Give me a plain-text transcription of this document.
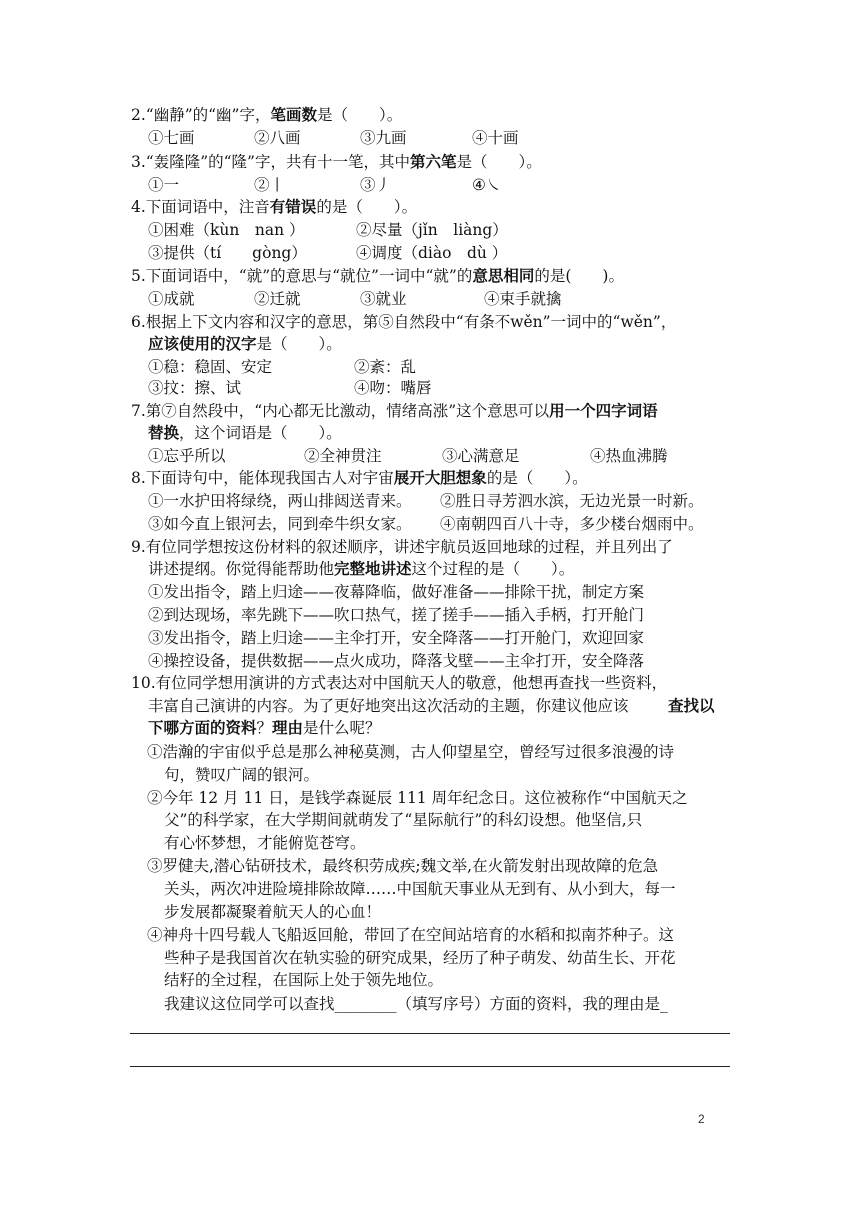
2.“幽静”的“幽”字，笔画数是（　　）。
①七画	②八画	③九画	④十画
3.“轰隆隆”的“隆”字，共有十一笔，其中第六笔是（　　）。
①一	②丨	③丿	④㇏
4.下面词语中，注音有错误的是（　　）。
①困难（kùn　nan ）	②尽量（jǐn　liàng）
③提供（tí　　gòng）	④调度（diào　dù ）
5.下面词语中，“就”的意思与“就位”一词中“就”的意思相同的是(　　)。
①成就	②迁就	③就业	④束手就擒
6.根据上下文内容和汉字的意思，第⑤自然段中“有条不wěn”一词中的“wěn”，
应该使用的汉字是（　　）。
①稳：稳固、安定	②紊：乱
③抆：擦、试	④吻：嘴唇
7.第⑦自然段中，“内心都无比激动，情绪高涨”这个意思可以用一个四字词语
替换，这个词语是（　　）。
①忘乎所以	②全神贯注	③心满意足	④热血沸腾
8.下面诗句中，能体现我国古人对宇宙展开大胆想象的是（　　）。
①一水护田将绿绕，两山排闼送青来。 ②胜日寻芳泗水滨，无边光景一时新。
③如今直上银河去，同到牵牛织女家。 ④南朝四百八十寺，多少楼台烟雨中。
9.有位同学想按这份材料的叙述顺序，讲述宇航员返回地球的过程，并且列出了
讲述提纲。你觉得能帮助他完整地讲述这个过程的是（　　）。
①发出指令，踏上归途——夜幕降临，做好准备——排除干扰，制定方案
②到达现场，率先跳下——吹口热气，搓了搓手——插入手柄，打开舱门
③发出指令，踏上归途——主伞打开，安全降落——打开舱门，欢迎回家
④操控设备，提供数据——点火成功，降落戈壁——主伞打开，安全降落
10.有位同学想用演讲的方式表达对中国航天人的敬意，他想再查找一些资料，
丰富自己演讲的内容。为了更好地突出这次活动的主题，你建议他应该	查找以
下哪方面的资料？理由是什么呢？
①浩瀚的宇宙似乎总是那么神秘莫测，古人仰望星空，曾经写过很多浪漫的诗
句，赞叹广阔的银河。
②今年 12 月 11 日，是钱学森诞辰 111 周年纪念日。这位被称作“中国航天之
父”的科学家，在大学期间就萌发了“星际航行”的科幻设想。他坚信,只
有心怀梦想，才能俯览苍穹。
③罗健夫,潜心钻研技术，最终积劳成疾;魏文举,在火箭发射出现故障的危急
关头，两次冲进险境排除故障……中国航天事业从无到有、从小到大，每一
步发展都凝聚着航天人的心血！
④神舟十四号载人飞船返回舱，带回了在空间站培育的水稻和拟南芥种子。这
些种子是我国首次在轨实验的研究成果，经历了种子萌发、幼苗生长、开花
结籽的全过程，在国际上处于领先地位。
我建议这位同学可以查找________（填写序号）方面的资料，我的理由是_
2
